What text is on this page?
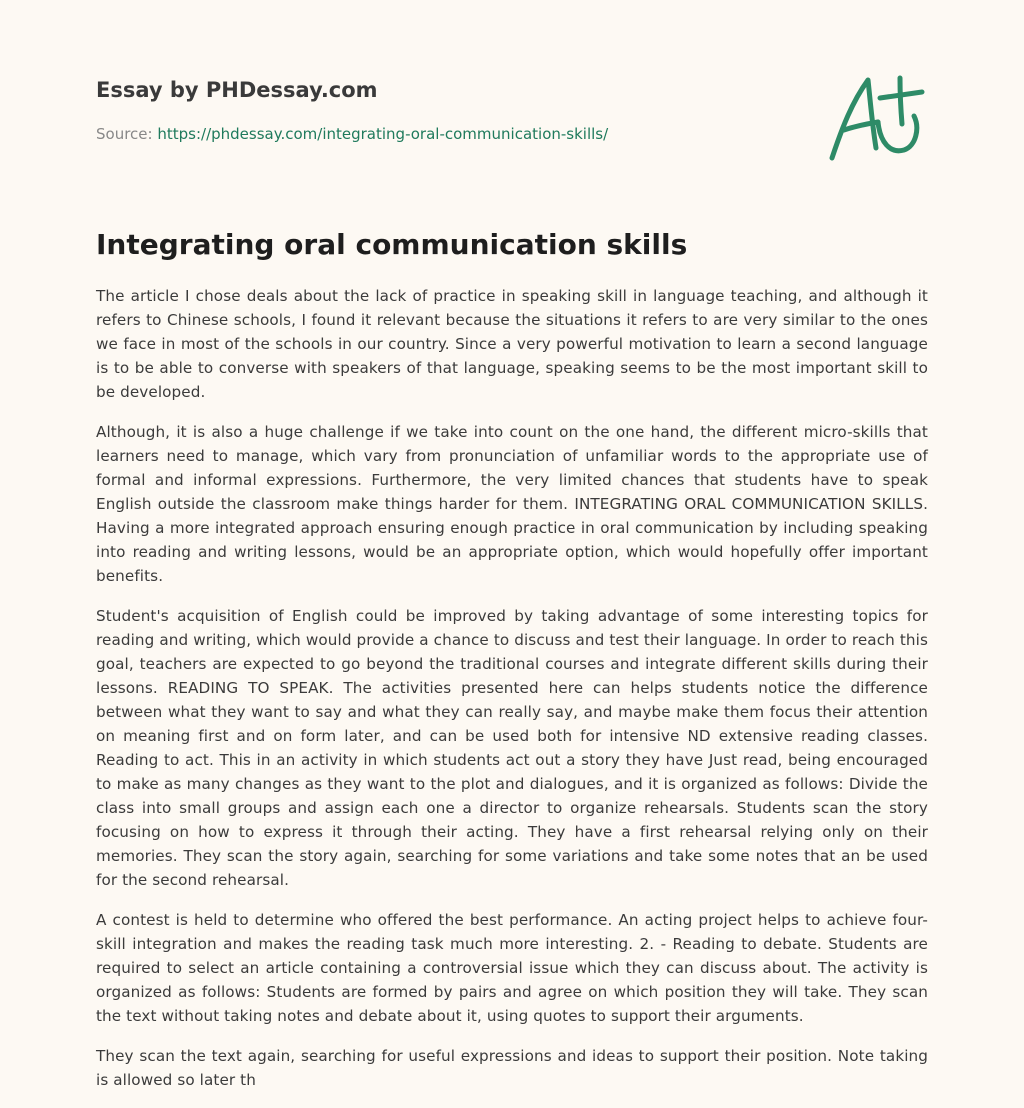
Essay by PHDessay.com
Source: https://phdessay.com/integrating-oral-communication-skills/
Integrating oral communication skills

The article I chose deals about the lack of practice in speaking skill in language teaching, and although it refers to Chinese schools, I found it relevant because the situations it refers to are very similar to the ones we face in most of the schools in our country. Since a very powerful motivation to learn a second language is to be able to converse with speakers of that language, speaking seems to be the most important skill to be developed.

Although, it is also a huge challenge if we take into count on the one hand, the different micro-skills that learners need to manage, which vary from pronunciation of unfamiliar words to the appropriate use of formal and informal expressions. Furthermore, the very limited chances that students have to speak English outside the classroom make things harder for them. INTEGRATING ORAL COMMUNICATION SKILLS. Having a more integrated approach ensuring enough practice in oral communication by including speaking into reading and writing lessons, would be an appropriate option, which would hopefully offer important benefits.

Student's acquisition of English could be improved by taking advantage of some interesting topics for reading and writing, which would provide a chance to discuss and test their language. In order to reach this goal, teachers are expected to go beyond the traditional courses and integrate different skills during their lessons. READING TO SPEAK. The activities presented here can helps students notice the difference between what they want to say and what they can really say, and maybe make them focus their attention on meaning first and on form later, and can be used both for intensive ND extensive reading classes. Reading to act. This in an activity in which students act out a story they have Just read, being encouraged to make as many changes as they want to the plot and dialogues, and it is organized as follows: Divide the class into small groups and assign each one a director to organize rehearsals. Students scan the story focusing on how to express it through their acting. They have a first rehearsal relying only on their memories. They scan the story again, searching for some variations and take some notes that an be used for the second rehearsal.

A contest is held to determine who offered the best performance. An acting project helps to achieve four-skill integration and makes the reading task much more interesting. 2. - Reading to debate. Students are required to select an article containing a controversial issue which they can discuss about. The activity is organized as follows: Students are formed by pairs and agree on which position they will take. They scan the text without taking notes and debate about it, using quotes to support their arguments.

They scan the text again, searching for useful expressions and ideas to support their position. Note taking is allowed so later th
